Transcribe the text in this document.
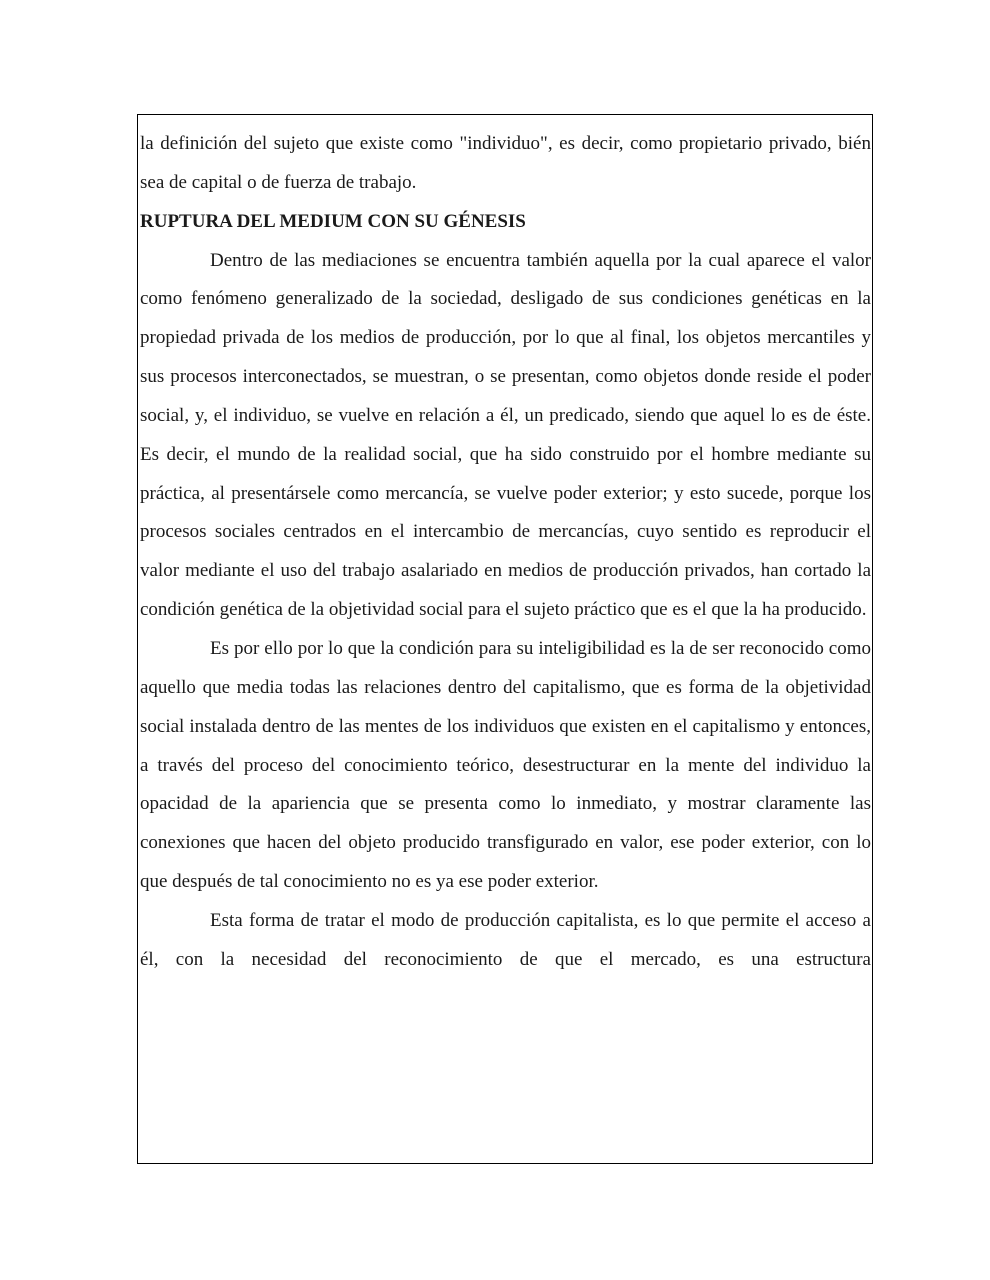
la definición del sujeto que existe como "individuo", es decir, como propietario privado, bién sea de capital o de fuerza de trabajo.

RUPTURA DEL MEDIUM CON SU GÉNESIS

Dentro de las mediaciones se encuentra también aquella por la cual aparece el valor como fenómeno generalizado de la sociedad, desligado de sus condiciones genéticas en la propiedad privada de los medios de producción, por lo que al final, los objetos mercantiles y sus procesos interconectados, se muestran, o se presentan, como objetos donde reside el poder social, y, el individuo, se vuelve en relación a él, un predicado, siendo que aquel lo es de éste. Es decir, el mundo de la realidad social, que ha sido construido por el hombre mediante su práctica, al presentársele como mercancía, se vuelve poder exterior; y esto sucede, porque los procesos sociales centrados en el intercambio de mercancías, cuyo sentido es reproducir el valor mediante el uso del trabajo asalariado en medios de producción privados, han cortado la condición genética de la objetividad social para el sujeto práctico que es el que la ha producido.

Es por ello por lo que la condición para su inteligibilidad es la de ser reconocido como aquello que media todas las relaciones dentro del capitalismo, que es forma de la objetividad social instalada dentro de las mentes de los individuos que existen en el capitalismo y entonces, a través del proceso del conocimiento teórico, desestructurar en la mente del individuo la opacidad de la apariencia que se presenta como lo inmediato, y mostrar claramente las conexiones que hacen del objeto producido transfigurado en valor, ese poder exterior, con lo que después de tal conocimiento no es ya ese poder exterior.

Esta forma de tratar el modo de producción capitalista, es lo que permite el acceso a él, con la necesidad del reconocimiento de que el mercado, es una estructura
